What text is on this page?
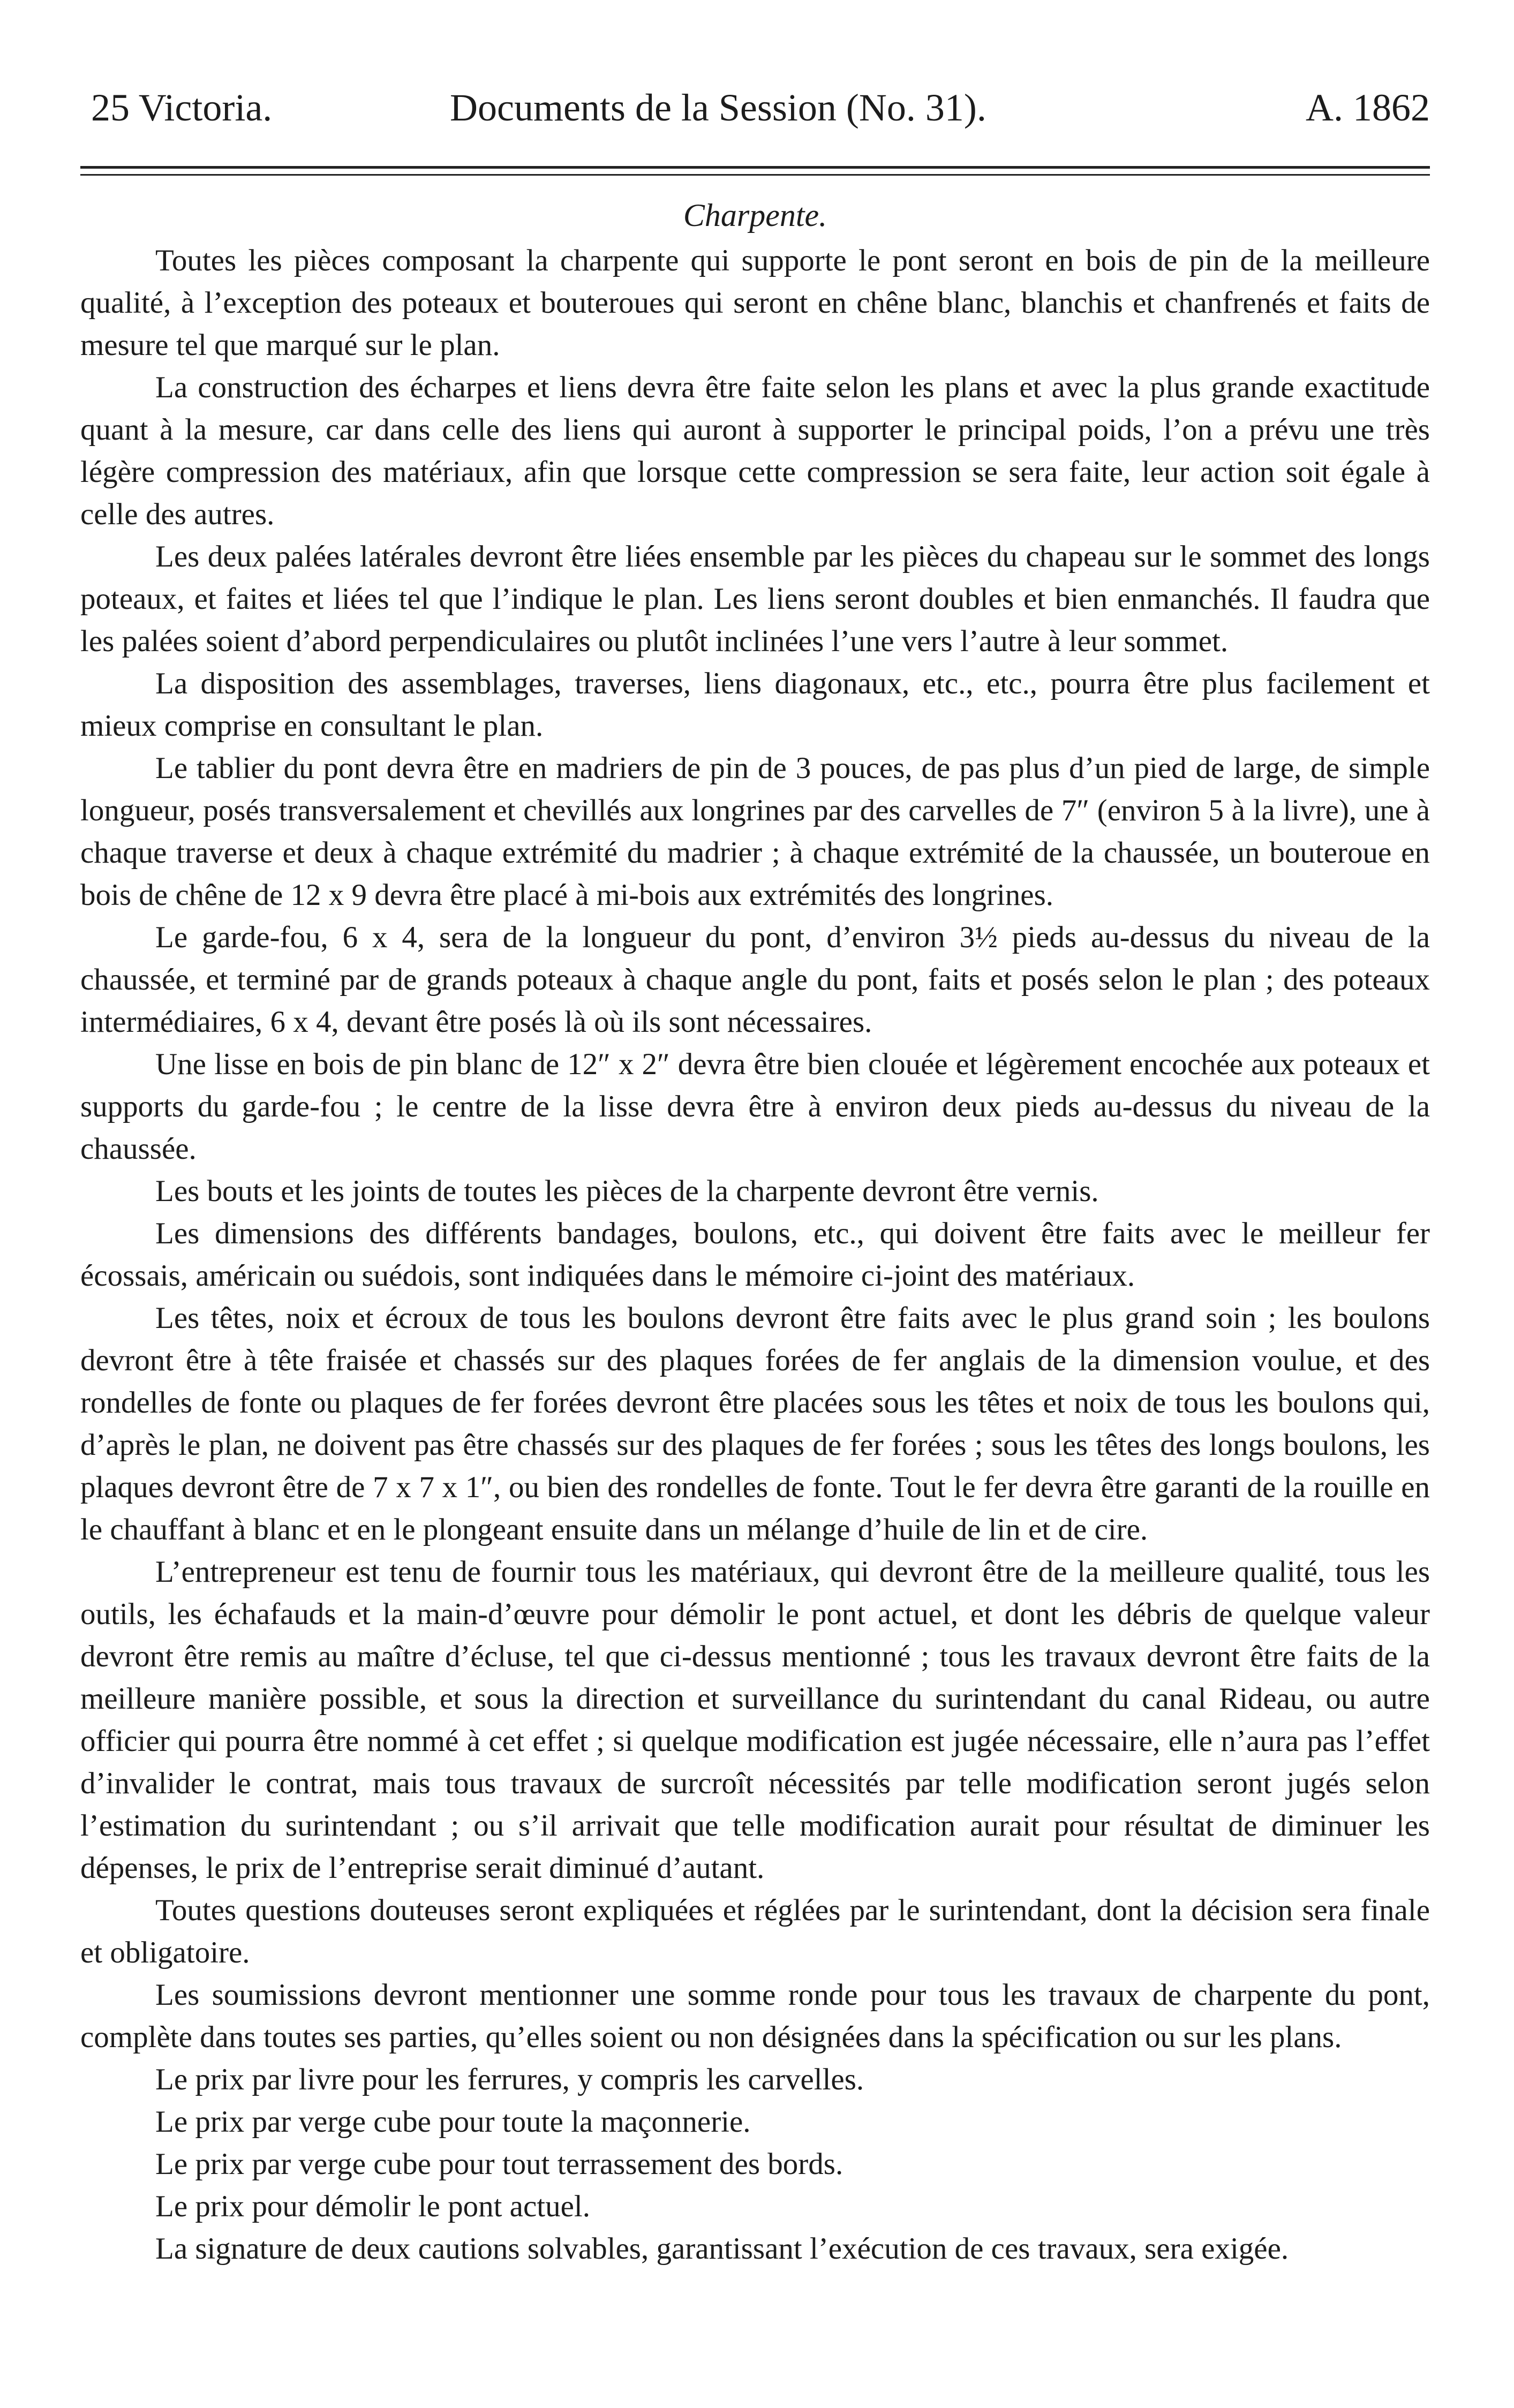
25 Victoria.	Documents de la Session (No. 31).	A. 1862
Charpente.

Toutes les pièces composant la charpente qui supporte le pont seront en bois de pin de la meilleure qualité, à l’exception des poteaux et bouteroues qui seront en chêne blanc, blanchis et chanfrenés et faits de mesure tel que marqué sur le plan.

La construction des écharpes et liens devra être faite selon les plans et avec la plus grande exactitude quant à la mesure, car dans celle des liens qui auront à supporter le principal poids, l’on a prévu une très légère compression des matériaux, afin que lorsque cette compression se sera faite, leur action soit égale à celle des autres.

Les deux palées latérales devront être liées ensemble par les pièces du chapeau sur le sommet des longs poteaux, et faites et liées tel que l’indique le plan. Les liens seront doubles et bien enmanchés. Il faudra que les palées soient d’abord perpendiculaires ou plutôt inclinées l’une vers l’autre à leur sommet.

La disposition des assemblages, traverses, liens diagonaux, etc., etc., pourra être plus facilement et mieux comprise en consultant le plan.

Le tablier du pont devra être en madriers de pin de 3 pouces, de pas plus d’un pied de large, de simple longueur, posés transversalement et chevillés aux longrines par des carvelles de 7″ (environ 5 à la livre), une à chaque traverse et deux à chaque extrémité du madrier ; à chaque extrémité de la chaussée, un bouteroue en bois de chêne de 12 x 9 devra être placé à mi-bois aux extrémités des longrines.

Le garde-fou, 6 x 4, sera de la longueur du pont, d’environ 3½ pieds au-dessus du niveau de la chaussée, et terminé par de grands poteaux à chaque angle du pont, faits et posés selon le plan ; des poteaux intermédiaires, 6 x 4, devant être posés là où ils sont nécessaires.

Une lisse en bois de pin blanc de 12″ x 2″ devra être bien clouée et légèrement encochée aux poteaux et supports du garde-fou ; le centre de la lisse devra être à environ deux pieds au-dessus du niveau de la chaussée.

Les bouts et les joints de toutes les pièces de la charpente devront être vernis.

Les dimensions des différents bandages, boulons, etc., qui doivent être faits avec le meilleur fer écossais, américain ou suédois, sont indiquées dans le mémoire ci-joint des matériaux.

Les têtes, noix et écroux de tous les boulons devront être faits avec le plus grand soin ; les boulons devront être à tête fraisée et chassés sur des plaques forées de fer anglais de la dimension voulue, et des rondelles de fonte ou plaques de fer forées devront être placées sous les têtes et noix de tous les boulons qui, d’après le plan, ne doivent pas être chassés sur des plaques de fer forées ; sous les têtes des longs boulons, les plaques devront être de 7 x 7 x 1″, ou bien des rondelles de fonte. Tout le fer devra être garanti de la rouille en le chauffant à blanc et en le plongeant ensuite dans un mélange d’huile de lin et de cire.

L’entrepreneur est tenu de fournir tous les matériaux, qui devront être de la meilleure qualité, tous les outils, les échafauds et la main-d’œuvre pour démolir le pont actuel, et dont les débris de quelque valeur devront être remis au maître d’écluse, tel que ci-dessus mentionné ; tous les travaux devront être faits de la meilleure manière possible, et sous la direction et surveillance du surintendant du canal Rideau, ou autre officier qui pourra être nommé à cet effet ; si quelque modification est jugée nécessaire, elle n’aura pas l’effet d’invalider le contrat, mais tous travaux de surcroît nécessités par telle modification seront jugés selon l’estimation du surintendant ; ou s’il arrivait que telle modification aurait pour résultat de diminuer les dépenses, le prix de l’entreprise serait diminué d’autant.

Toutes questions douteuses seront expliquées et réglées par le surintendant, dont la décision sera finale et obligatoire.

Les soumissions devront mentionner une somme ronde pour tous les travaux de charpente du pont, complète dans toutes ses parties, qu’elles soient ou non désignées dans la spécification ou sur les plans.

Le prix par livre pour les ferrures, y compris les carvelles.

Le prix par verge cube pour toute la maçonnerie.

Le prix par verge cube pour tout terrassement des bords.

Le prix pour démolir le pont actuel.

La signature de deux cautions solvables, garantissant l’exécution de ces travaux, sera exigée.
